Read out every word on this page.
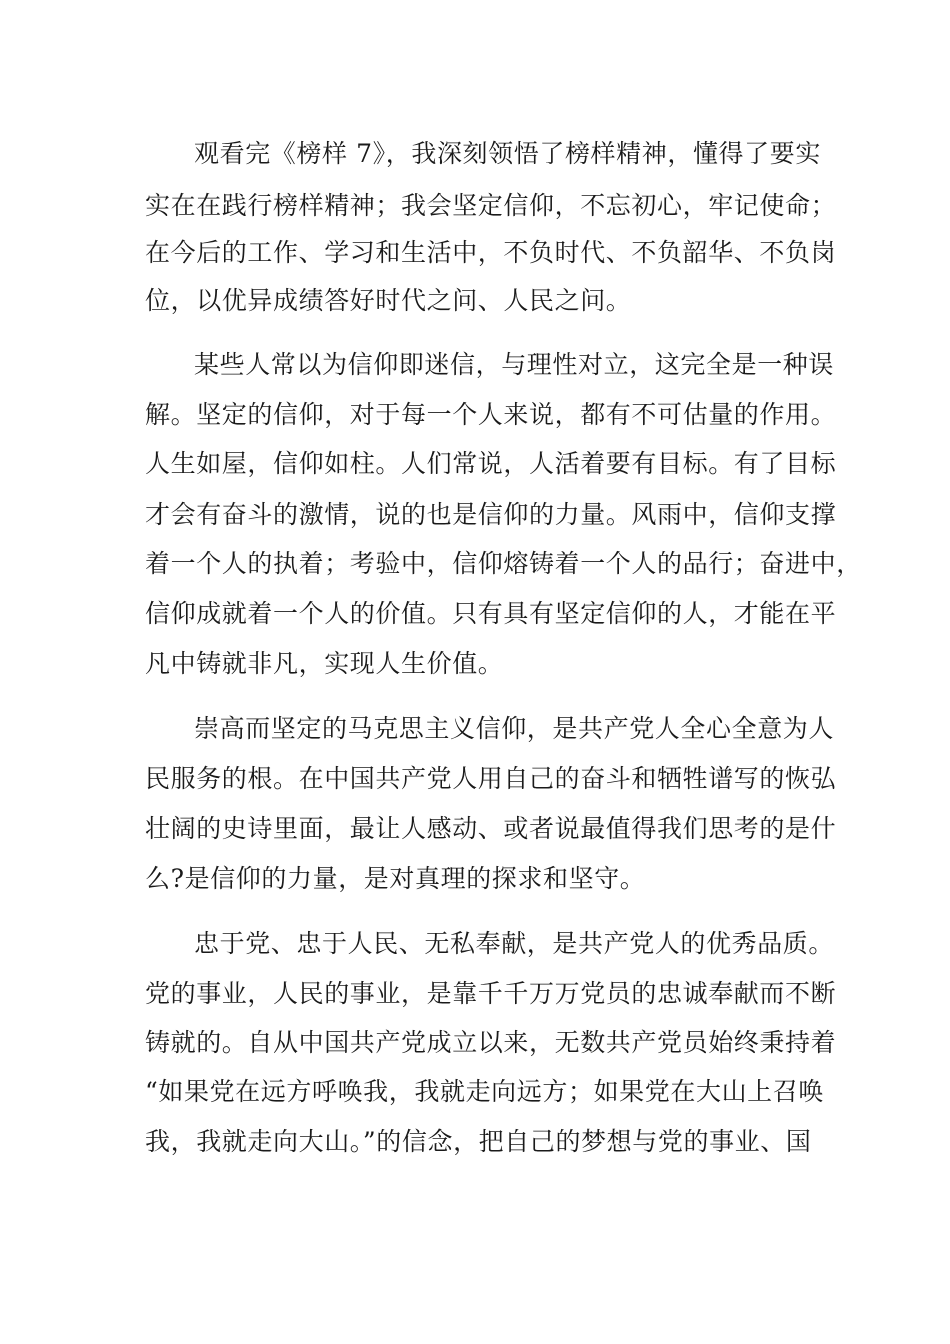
观看完《榜样 7》，我深刻领悟了榜样精神，懂得了要实
实在在践行榜样精神；我会坚定信仰，不忘初心，牢记使命；
在今后的工作、学习和生活中，不负时代、不负韶华、不负岗
位，以优异成绩答好时代之问、人民之问。
某些人常以为信仰即迷信，与理性对立，这完全是一种误
解。坚定的信仰，对于每一个人来说，都有不可估量的作用。
人生如屋，信仰如柱。人们常说，人活着要有目标。有了目标
才会有奋斗的激情，说的也是信仰的力量。风雨中，信仰支撑
着一个人的执着；考验中，信仰熔铸着一个人的品行；奋进中，
信仰成就着一个人的价值。只有具有坚定信仰的人，才能在平
凡中铸就非凡，实现人生价值。
崇高而坚定的马克思主义信仰，是共产党人全心全意为人
民服务的根。在中国共产党人用自己的奋斗和牺牲谱写的恢弘
壮阔的史诗里面，最让人感动、或者说最值得我们思考的是什
么?是信仰的力量，是对真理的探求和坚守。
忠于党、忠于人民、无私奉献，是共产党人的优秀品质。
党的事业，人民的事业，是靠千千万万党员的忠诚奉献而不断
铸就的。自从中国共产党成立以来，无数共产党员始终秉持着
“如果党在远方呼唤我，我就走向远方；如果党在大山上召唤
我，我就走向大山。”的信念，把自己的梦想与党的事业、国
